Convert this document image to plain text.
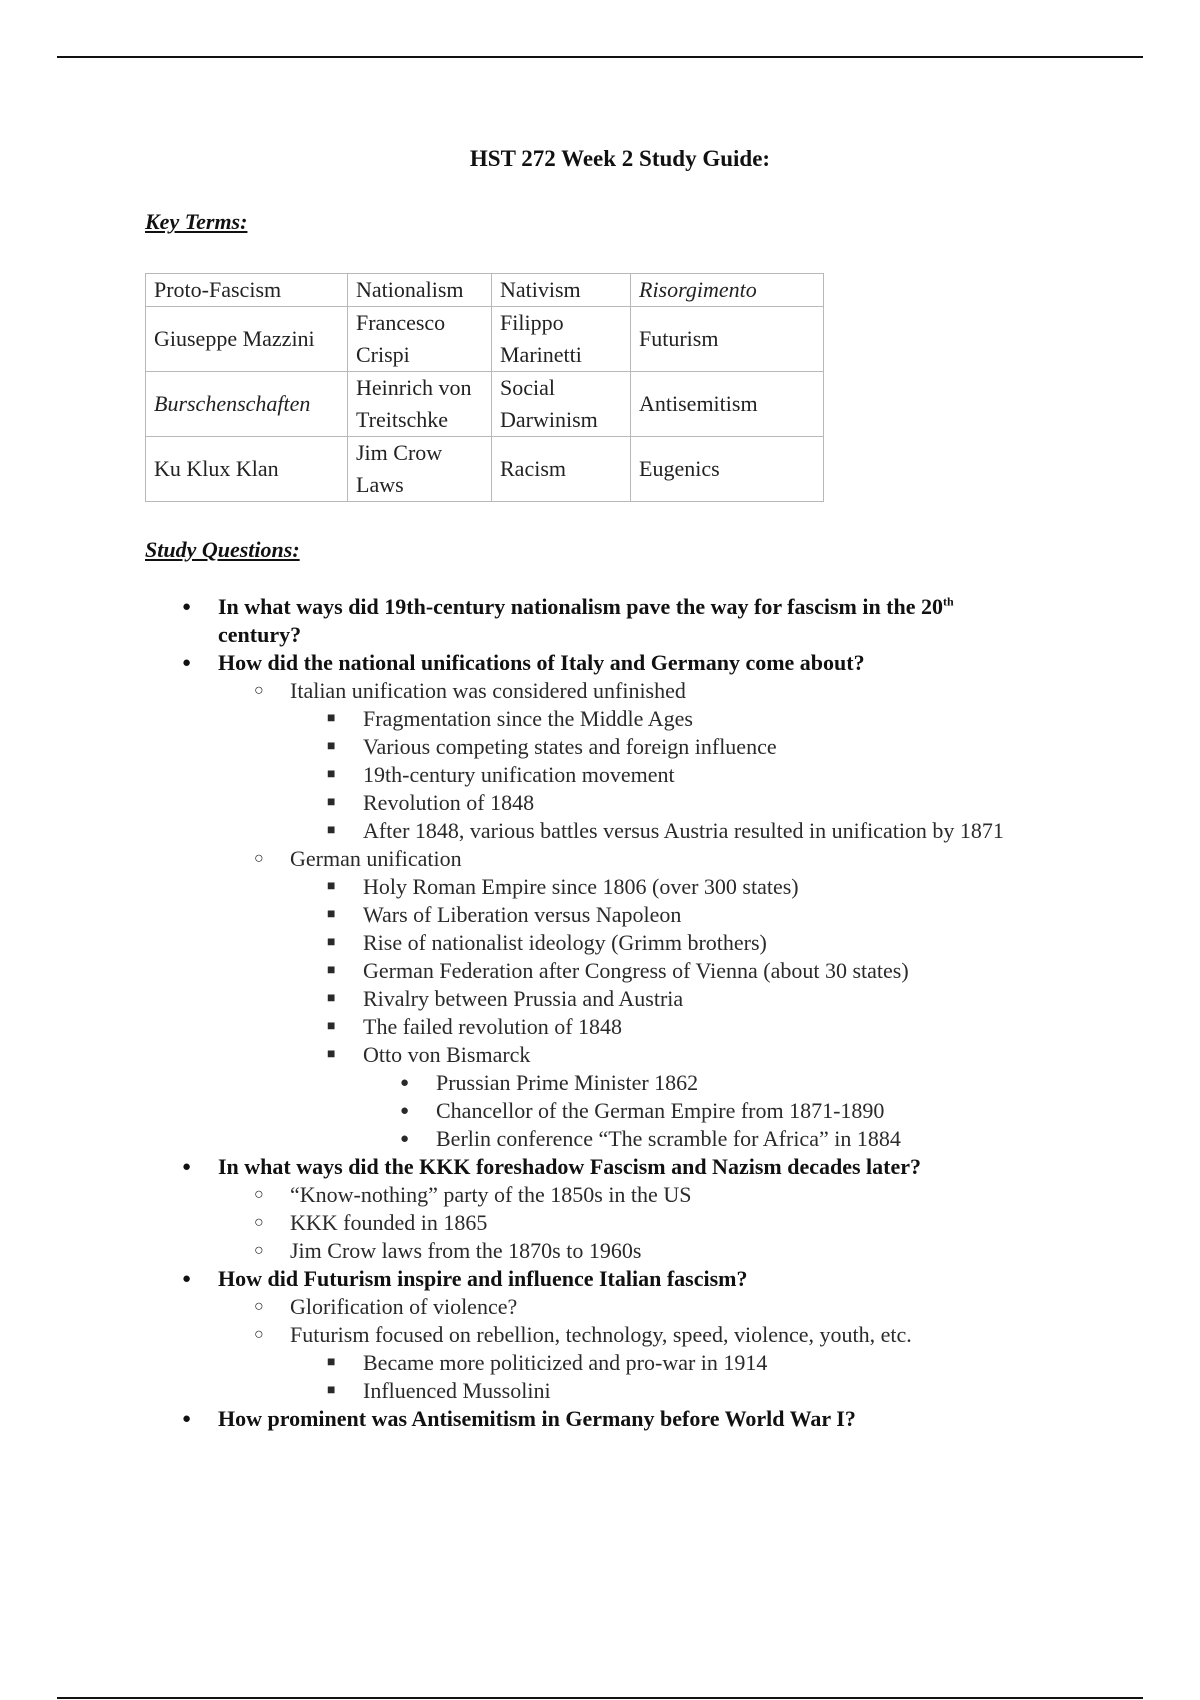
HST 272 Week 2 Study Guide:
Key Terms:
Proto-Fascism	Nationalism	Nativism	Risorgimento
Giuseppe Mazzini	Francesco Crispi	Filippo Marinetti	Futurism
Burschenschaften	Heinrich von Treitschke	Social Darwinism	Antisemitism
Ku Klux Klan	Jim Crow Laws	Racism	Eugenics
Study Questions:
● In what ways did 19th-century nationalism pave the way for fascism in the 20th
century?
● How did the national unifications of Italy and Germany come about?
○ Italian unification was considered unfinished
■ Fragmentation since the Middle Ages
■ Various competing states and foreign influence
■ 19th-century unification movement
■ Revolution of 1848
■ After 1848, various battles versus Austria resulted in unification by 1871
○ German unification
■ Holy Roman Empire since 1806 (over 300 states)
■ Wars of Liberation versus Napoleon
■ Rise of nationalist ideology (Grimm brothers)
■ German Federation after Congress of Vienna (about 30 states)
■ Rivalry between Prussia and Austria
■ The failed revolution of 1848
■ Otto von Bismarck
● Prussian Prime Minister 1862
● Chancellor of the German Empire from 1871-1890
● Berlin conference “The scramble for Africa” in 1884
● In what ways did the KKK foreshadow Fascism and Nazism decades later?
○ “Know-nothing” party of the 1850s in the US
○ KKK founded in 1865
○ Jim Crow laws from the 1870s to 1960s
● How did Futurism inspire and influence Italian fascism?
○ Glorification of violence?
○ Futurism focused on rebellion, technology, speed, violence, youth, etc.
■ Became more politicized and pro-war in 1914
■ Influenced Mussolini
● How prominent was Antisemitism in Germany before World War I?
